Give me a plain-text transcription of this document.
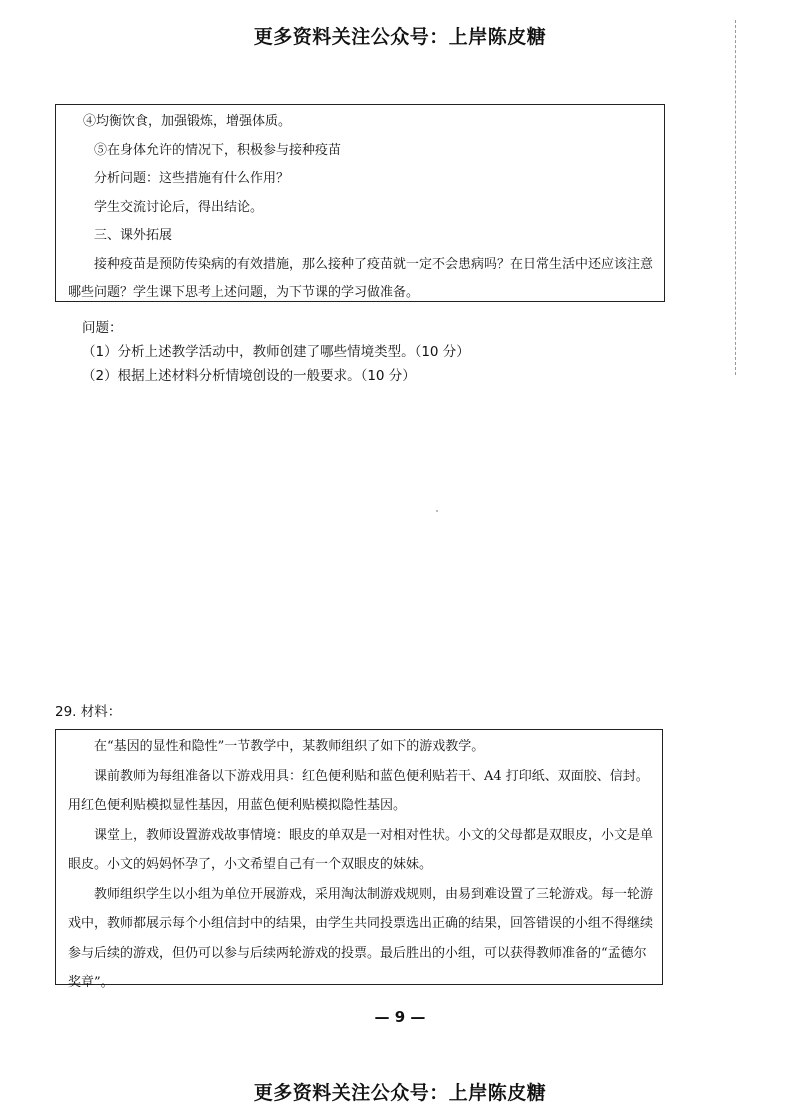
更多资料关注公众号：上岸陈皮糖

④均衡饮食，加强锻炼，增强体质。

⑤在身体允许的情况下，积极参与接种疫苗

分析问题：这些措施有什么作用？

学生交流讨论后，得出结论。

三、课外拓展

接种疫苗是预防传染病的有效措施，那么接种了疫苗就一定不会患病吗？在日常生活中还应该注意哪些问题？学生课下思考上述问题，为下节课的学习做准备。

问题：

（1）分析上述教学活动中，教师创建了哪些情境类型。（10 分）

（2）根据上述材料分析情境创设的一般要求。（10 分）

29. 材料：

在“基因的显性和隐性”一节教学中，某教师组织了如下的游戏教学。

课前教师为每组准备以下游戏用具：红色便利贴和蓝色便利贴若干、A4 打印纸、双面胶、信封。用红色便利贴模拟显性基因，用蓝色便利贴模拟隐性基因。

课堂上，教师设置游戏故事情境：眼皮的单双是一对相对性状。小文的父母都是双眼皮，小文是单眼皮。小文的妈妈怀孕了，小文希望自己有一个双眼皮的妹妹。

教师组织学生以小组为单位开展游戏，采用淘汰制游戏规则，由易到难设置了三轮游戏。每一轮游戏中，教师都展示每个小组信封中的结果，由学生共同投票选出正确的结果，回答错误的小组不得继续参与后续的游戏，但仍可以参与后续两轮游戏的投票。最后胜出的小组，可以获得教师准备的“孟德尔奖章”。

— 9 —
更多资料关注公众号：上岸陈皮糖
